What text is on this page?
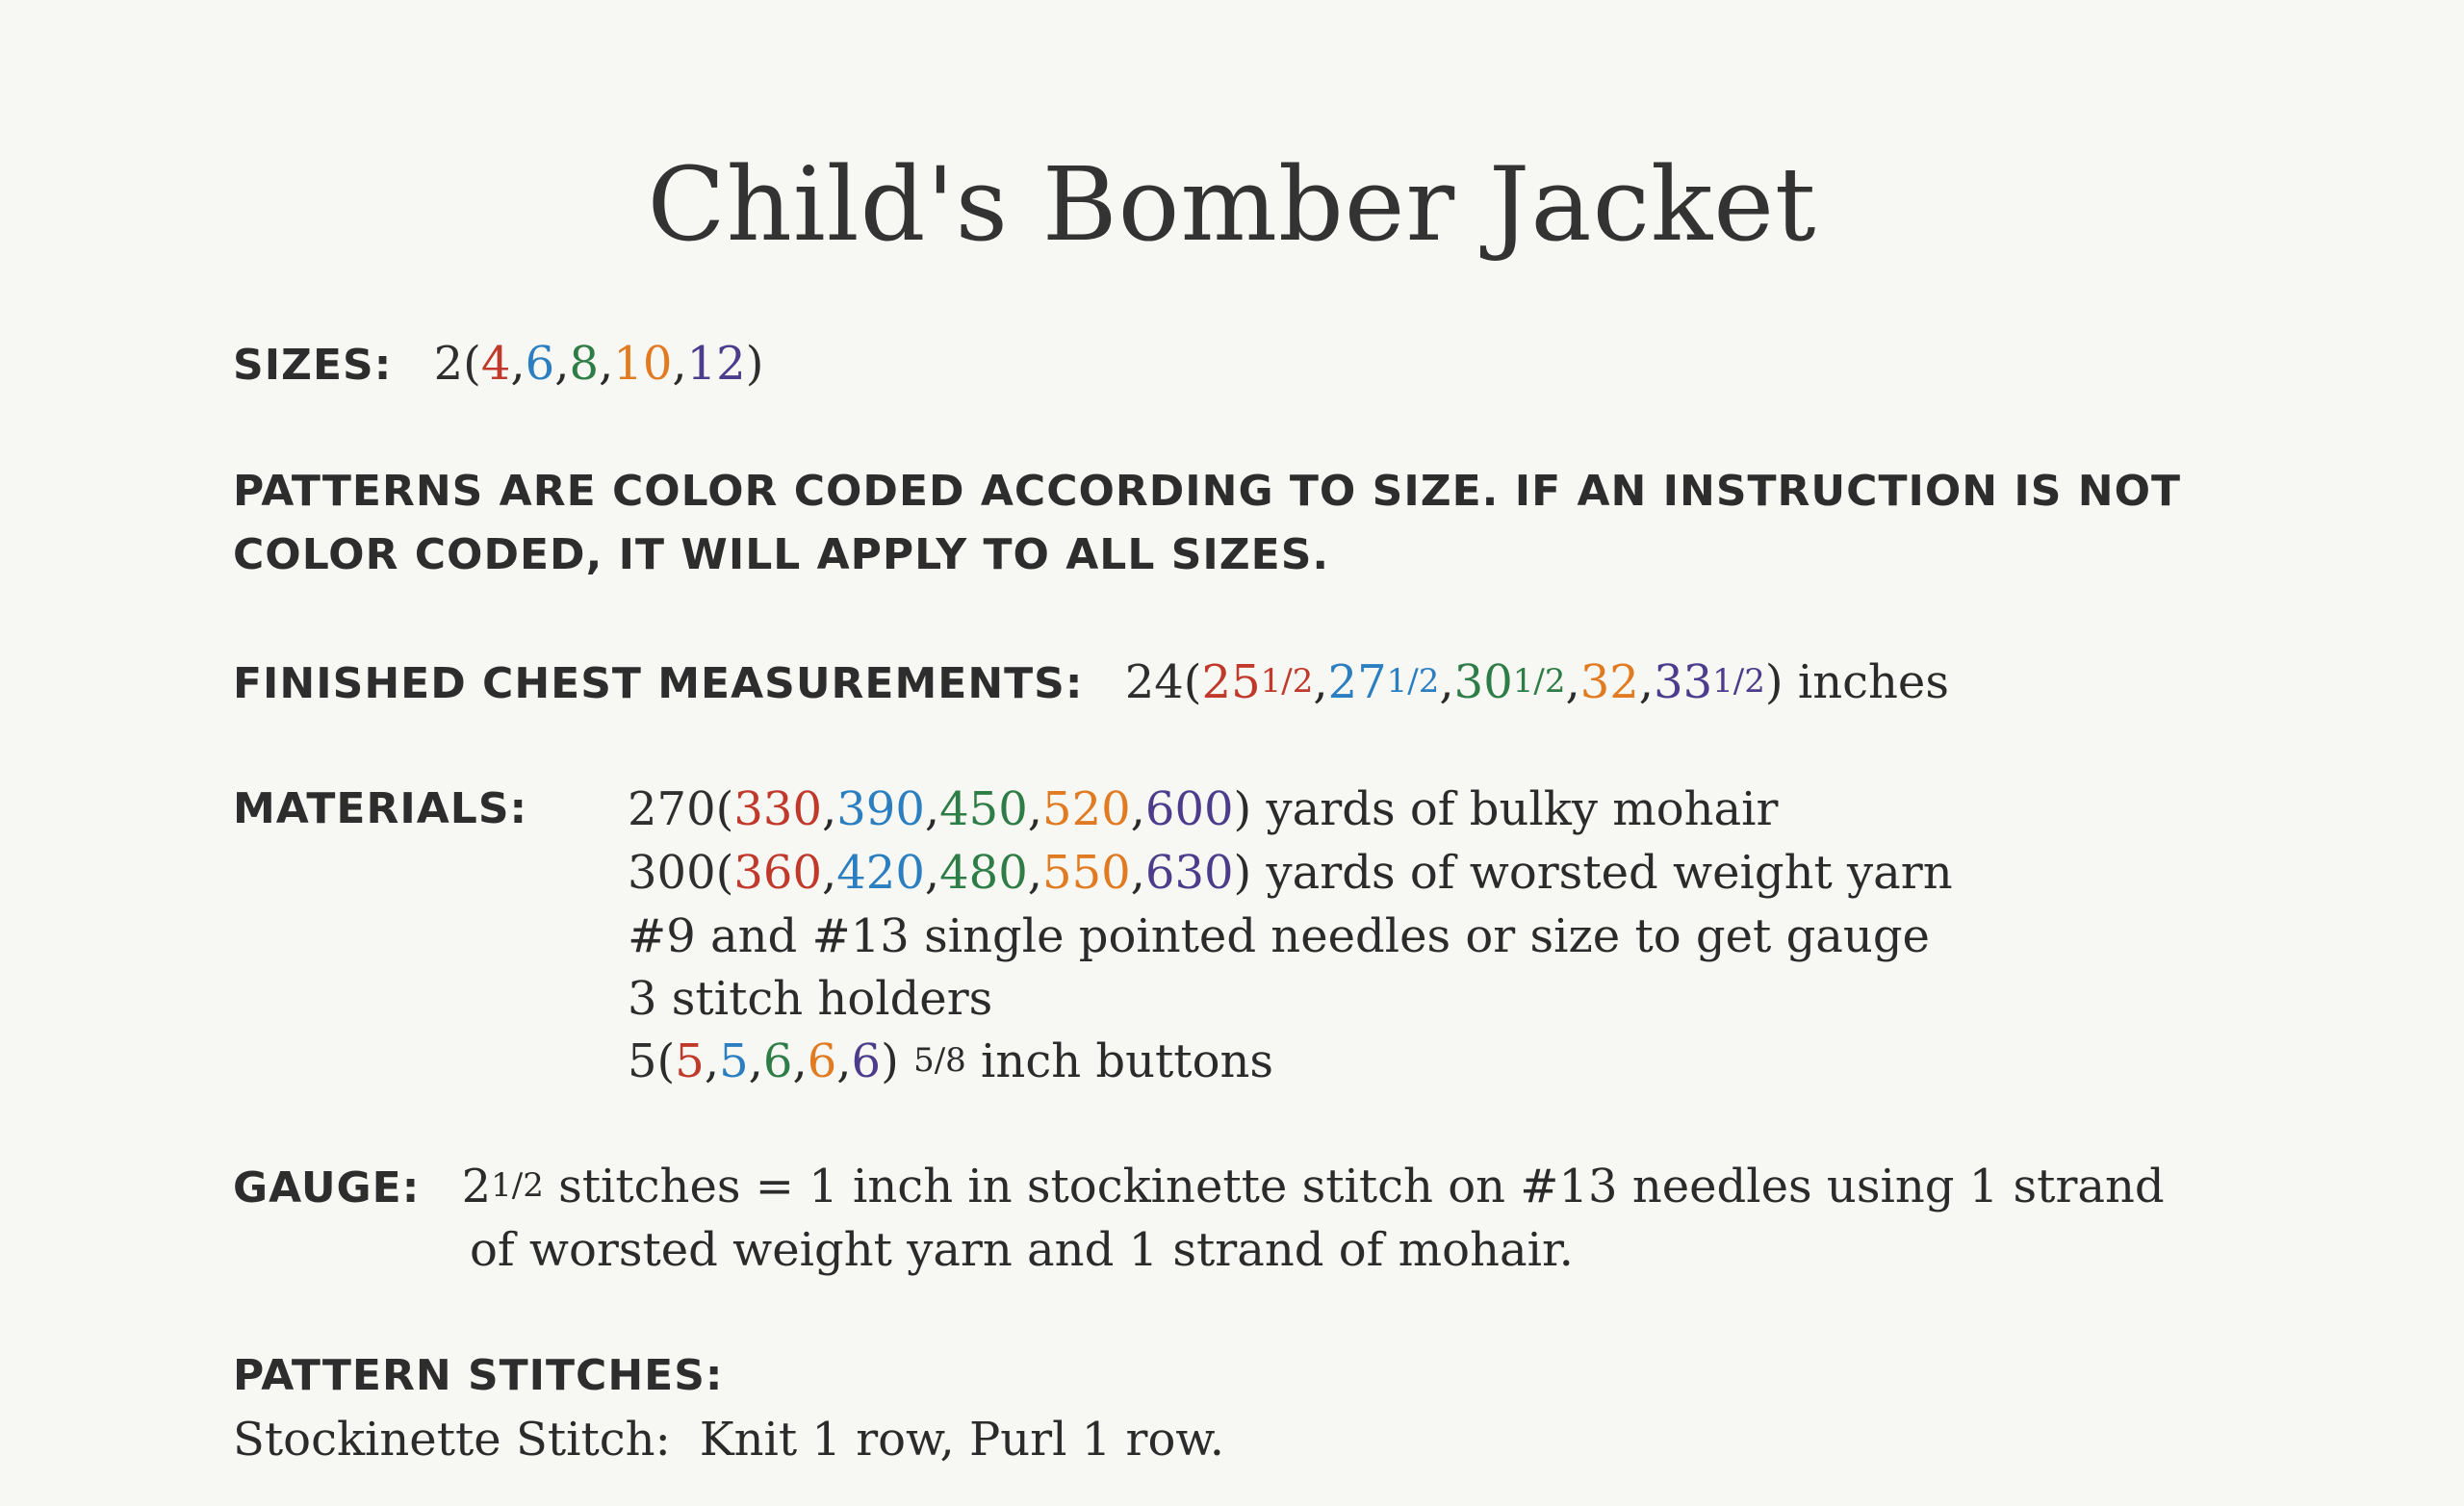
Child's Bomber Jacket
SIZES: 2(4,6,8,10,12)
PATTERNS ARE COLOR CODED ACCORDING TO SIZE. IF AN INSTRUCTION IS NOT
COLOR CODED, IT WILL APPLY TO ALL SIZES.
FINISHED CHEST MEASUREMENTS: 24(251/2,271/2,301/2,32,331/2) inches
MATERIALS: 270(330,390,450,520,600) yards of bulky mohair
300(360,420,480,550,630) yards of worsted weight yarn
#9 and #13 single pointed needles or size to get gauge
3 stitch holders
5(5,5,6,6,6) 5/8 inch buttons
GAUGE: 21/2 stitches = 1 inch in stockinette stitch on #13 needles using 1 strand
of worsted weight yarn and 1 strand of mohair.
PATTERN STITCHES:
Stockinette Stitch: Knit 1 row, Purl 1 row.
